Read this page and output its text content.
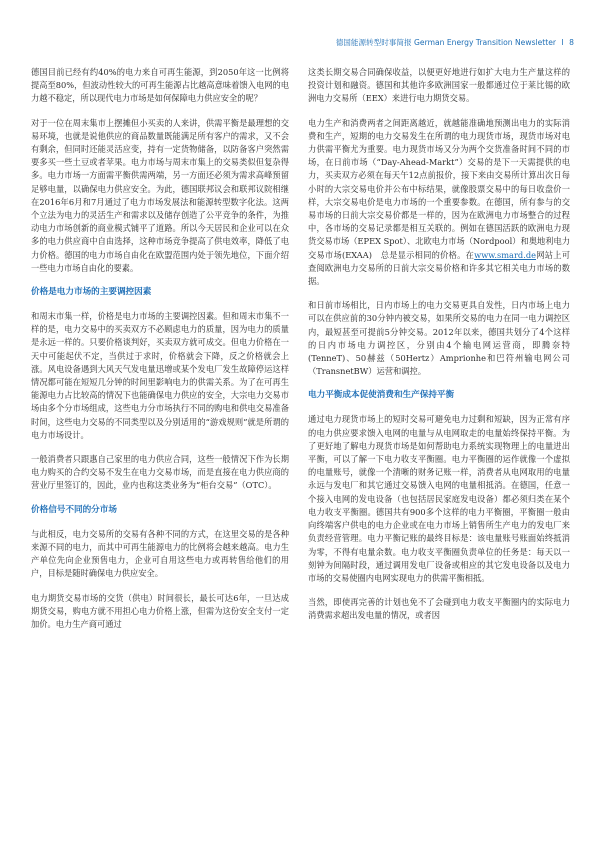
德国能源转型时事简报 German Energy Transition Newsletter I 8

德国目前已经有约40%的电力来自可再生能源，到2050年这一比例将提高至80%，但波动性较大的可再生能源占比越高意味着馈入电网的电力越不稳定，所以现代电力市场是如何保障电力供应安全的呢？

对于一位在周末集市上摆摊但小买卖的人来讲，供需平衡是最理想的交易环境，也就是说他供应的商品数量既能满足所有客户的需求，又不会有剩余，但同时还能灵活应变，持有一定货物储备，以防备客户突然需要多买一些土豆或者苹果。电力市场与周末市集上的交易类似但复杂得多。电力市场一方面需平衡供需两端，另一方面还必须为需求高峰预留足够电量，以确保电力供应安全。为此，德国联邦议会和联邦议院相继在2016年6月和7月通过了电力市场发展法和能源转型数字化法。这两个立法为电力的灵活生产和需求以及储存创造了公平竞争的条件，为推动电力市场创新的商业模式铺平了道路。所以今天居民和企业可以在众多的电力供应商中自由选择，这种市场竞争提高了供电效率，降低了电力价格。德国的电力市场自由化在欧盟范围内处于领先地位，下面介绍一些电力市场自由化的要素。

价格是电力市场的主要调控因素

和周末市集一样，价格是电力市场的主要调控因素。但和周末市集不一样的是，电力交易中的买卖双方不必顾虑电力的质量，因为电力的质量是永远一样的。只要价格谈判好，买卖双方就可成交。但电力价格在一天中可能起伏不定，当供过于求时，价格就会下降，反之价格就会上涨。风电设备遇到大风天气发电量迅增或某个发电厂发生故障停运这样情况都可能在短短几分钟的时间里影响电力的供需关系。为了在可再生能源电力占比较高的情况下也能确保电力供应的安全，大宗电力交易市场由多个分市场组成，这些电力分市场执行不同的购电和供电交易准备时间，这些电力交易的不同类型以及分别适用的“游戏规则”就是所谓的电力市场设计。

一般消费者只跟惠自己家里的电力供应合同，这些一般情况下作为长期电力购买的合约交易不发生在电力交易市场，而是直接在电力供应商的营业厅里签订的，因此，业内也称这类业务为“柜台交易”（OTC）。

价格信号不同的分市场

与此相反，电力交易所的交易有各种不同的方式，在这里交易的是各种来源不同的电力，而其中可再生能源电力的比例将会越来越高。电力生产单位先向企业预售电力，企业可自用这些电力或再转售给他们的用户，目标是随时确保电力供应安全。

电力期货交易市场的交货（供电）时间很长，最长可达6年，一旦达成期货交易，购电方就不用担心电力价格上涨，但需为这份安全支付一定加价。电力生产商可通过

这类长期交易合同确保收益，以便更好地进行如扩大电力生产量这样的投资计划和融资。德国和其他许多欧洲国家一般都通过位于莱比锡的欧洲电力交易所（EEX）来进行电力期货交易。

电力生产和消费两者之间距离越近，就越能准确地预测出电力的实际消费和生产，短期的电力交易发生在所谓的电力现货市场，现货市场对电力供需平衡尤为重要。电力现货市场又分为两个交货准备时间不同的市场，在日前市场（“Day-Ahead-Markt”）交易的是下一天需提供的电力，买卖双方必须在每天午12点前报价，接下来由交易所计算出次日每小时的大宗交易电价并公布中标结果，就像股票交易中的每日收盘价一样，大宗交易电价是电力市场的一个重要参数。在德国，所有参与的交易市场的日前大宗交易价都是一样的，因为在欧洲电力市场整合的过程中，各市场的交易记录都是相互关联的。例如在德国活跃的欧洲电力现货交易市场（EPEX Spot）、北欧电力市场（Nordpool）和奥地利电力交易市场(EXAA)　总是显示相同的价格。在www.smard.de网站上可查阅欧洲电力交易所的日前大宗交易价格和许多其它相关电力市场的数据。

和日前市场相比，日内市场上的电力交易更具自发性，日内市场上电力可以在供应前的30分钟内被交易，如果所交易的电力在同一电力调控区内，最短甚至可提前5分钟交易。2012年以来，德国共划分了4个这样的日内市场电力调控区，分别由4个输电网运营商，即腾奈特(TenneT)、50赫兹（50Hertz）Amprionhe和巴符州输电网公司（TransnetBW）运营和调控。

电力平衡成本促使消费和生产保持平衡

通过电力现货市场上的短时交易可避免电力过剩和短缺，因为正常有序的电力供应要求馈入电网的电量与从电网取走的电量始终保持平衡。为了更好地了解电力现货市场是如何帮助电力系统实现物理上的电量进出平衡，可以了解一下电力收支平衡圈。电力平衡圈的运作就像一个虚拟的电量账号，就像一个清晰的财务记账一样，消费者从电网取用的电量永远与发电厂和其它通过交易馈入电网的电量相抵消。在德国，任意一个接入电网的发电设备（也包括居民家庭发电设备）都必须归类在某个电力收支平衡圈。德国共有900多个这样的电力平衡圈，平衡圈一般由向终端客户供电的电力企业或在电力市场上销售所生产电力的发电厂来负责经营管理。电力平衡记账的最终目标是：该电量账号账面始终抵消为零，不得有电量余数。电力收支平衡圈负责单位的任务是：每天以一刻钟为间隔时段，通过调用发电厂设备或相应的其它发电设备以及电力市场的交易使圈内电网实现电力的供需平衡相抵。

当然，即使再完善的计划也免不了会碰到电力收支平衡圈内的实际电力消费需求超出发电量的情况，或者因
